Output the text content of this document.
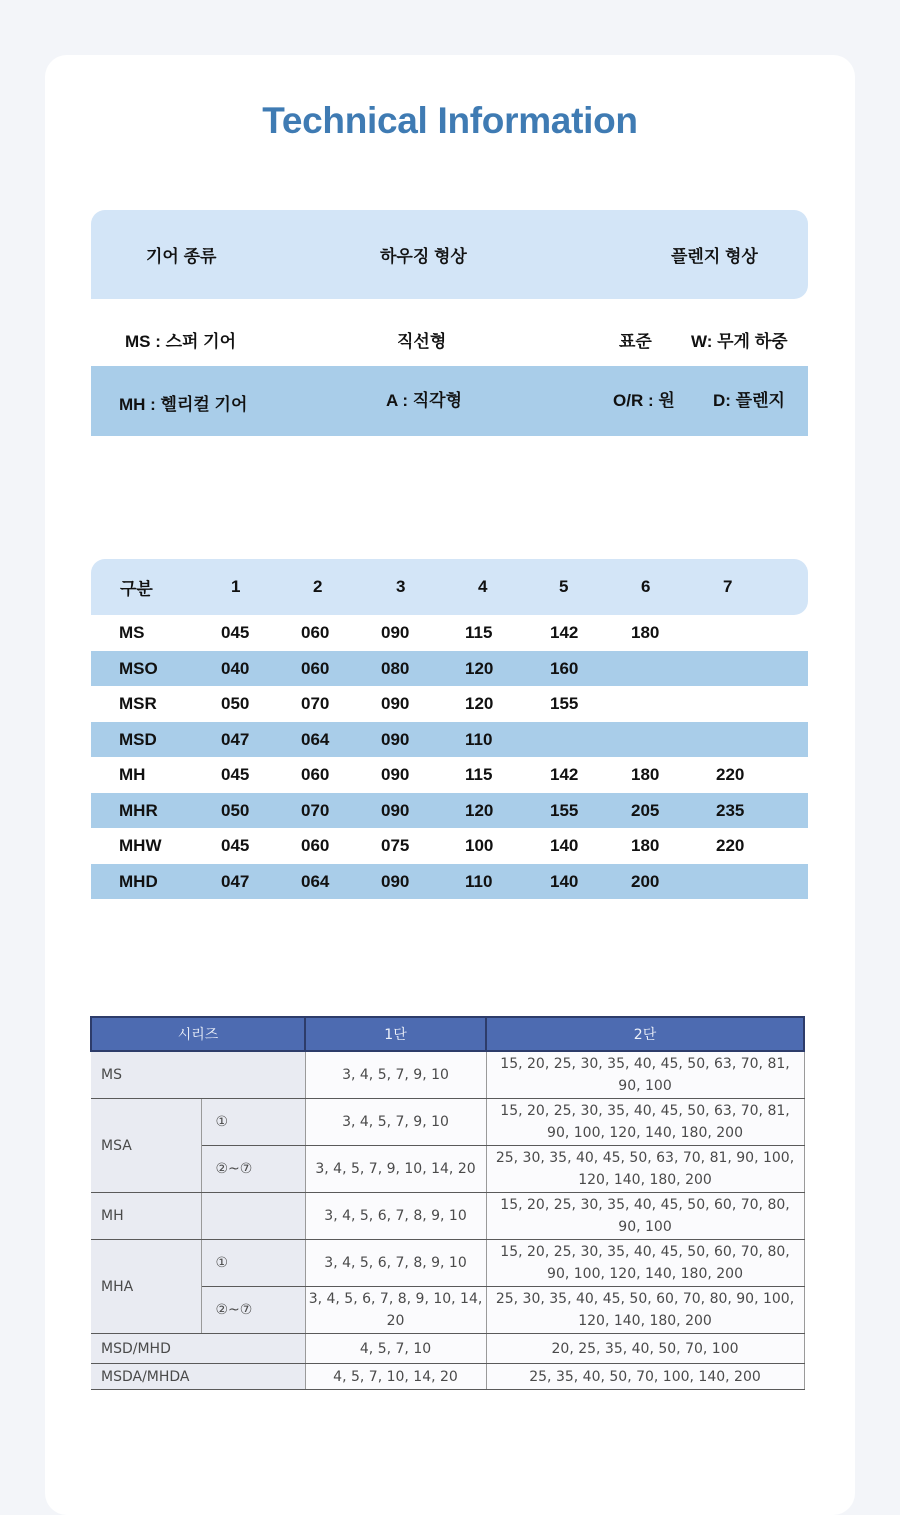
Technical Information
기어 종류	하우징 형상	플렌지 형상
MS : 스퍼 기어	직선형	표준 W: 무게 하중
MH : 헬리컬 기어	A : 직각형	O/R : 원 D: 플렌지
구분	1	2	3	4	5	6	7
MS	045	060	090	115	142	180
MSO	040	060	080	120	160
MSR	050	070	090	120	155
MSD	047	064	090	110
MH	045	060	090	115	142	180	220
MHR	050	070	090	120	155	205	235
MHW	045	060	075	100	140	180	220
MHD	047	064	090	110	140	200
시리즈		1단	2단
MS		3, 4, 5, 7, 9, 10	15, 20, 25, 30, 35, 40, 45, 50, 63, 70, 81, 90, 100
MSA	①	3, 4, 5, 7, 9, 10	15, 20, 25, 30, 35, 40, 45, 50, 63, 70, 81, 90, 100, 120, 140, 180, 200
	②~⑦	3, 4, 5, 7, 9, 10, 14, 20	25, 30, 35, 40, 45, 50, 63, 70, 81, 90, 100, 120, 140, 180, 200
MH		3, 4, 5, 6, 7, 8, 9, 10	15, 20, 25, 30, 35, 40, 45, 50, 60, 70, 80, 90, 100
MHA	①	3, 4, 5, 6, 7, 8, 9, 10	15, 20, 25, 30, 35, 40, 45, 50, 60, 70, 80, 90, 100, 120, 140, 180, 200
	②~⑦	3, 4, 5, 6, 7, 8, 9, 10, 14, 20	25, 30, 35, 40, 45, 50, 60, 70, 80, 90, 100, 120, 140, 180, 200
MSD/MHD		4, 5, 7, 10	20, 25, 35, 40, 50, 70, 100
MSDA/MHDA		4, 5, 7, 10, 14, 20	25, 35, 40, 50, 70, 100, 140, 200
